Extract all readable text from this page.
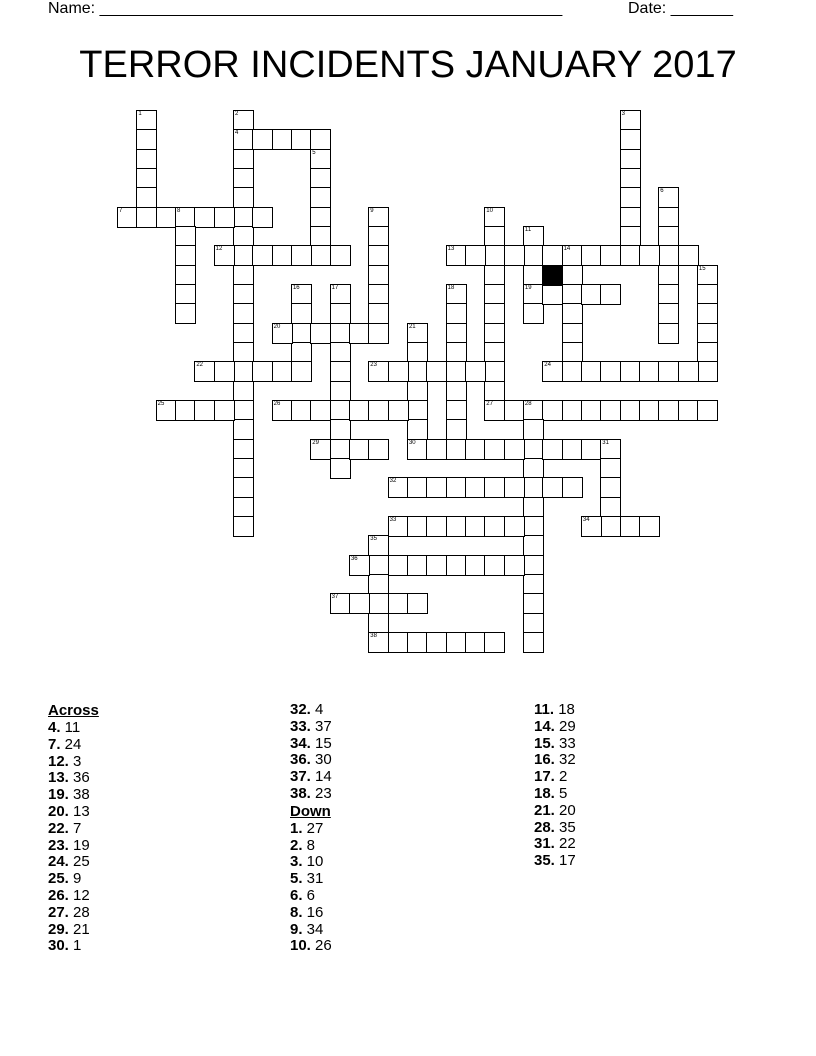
Name: ____________________________________________________	Date: _______
TERROR INCIDENTS JANUARY 2017
1	2
4
3
5
6
7	8	9	10
11
19
12	13	14
15
16	17	18
20	21
22	23	24
25	26	27	28
29	30	31
32
33	34
35
38
36
37
Across
4. 11
7. 24
12. 3
13. 36
19. 38
20. 13
22. 7
23. 19
24. 25
25. 9
26. 12
27. 28
29. 21
30. 1
32. 4
33. 37
34. 15
36. 30
37. 14
38. 23
Down
1. 27
2. 8
3. 10
5. 31
6. 6
8. 16
9. 34
10. 26
11. 18
14. 29
15. 33
16. 32
17. 2
18. 5
21. 20
28. 35
31. 22
35. 17
